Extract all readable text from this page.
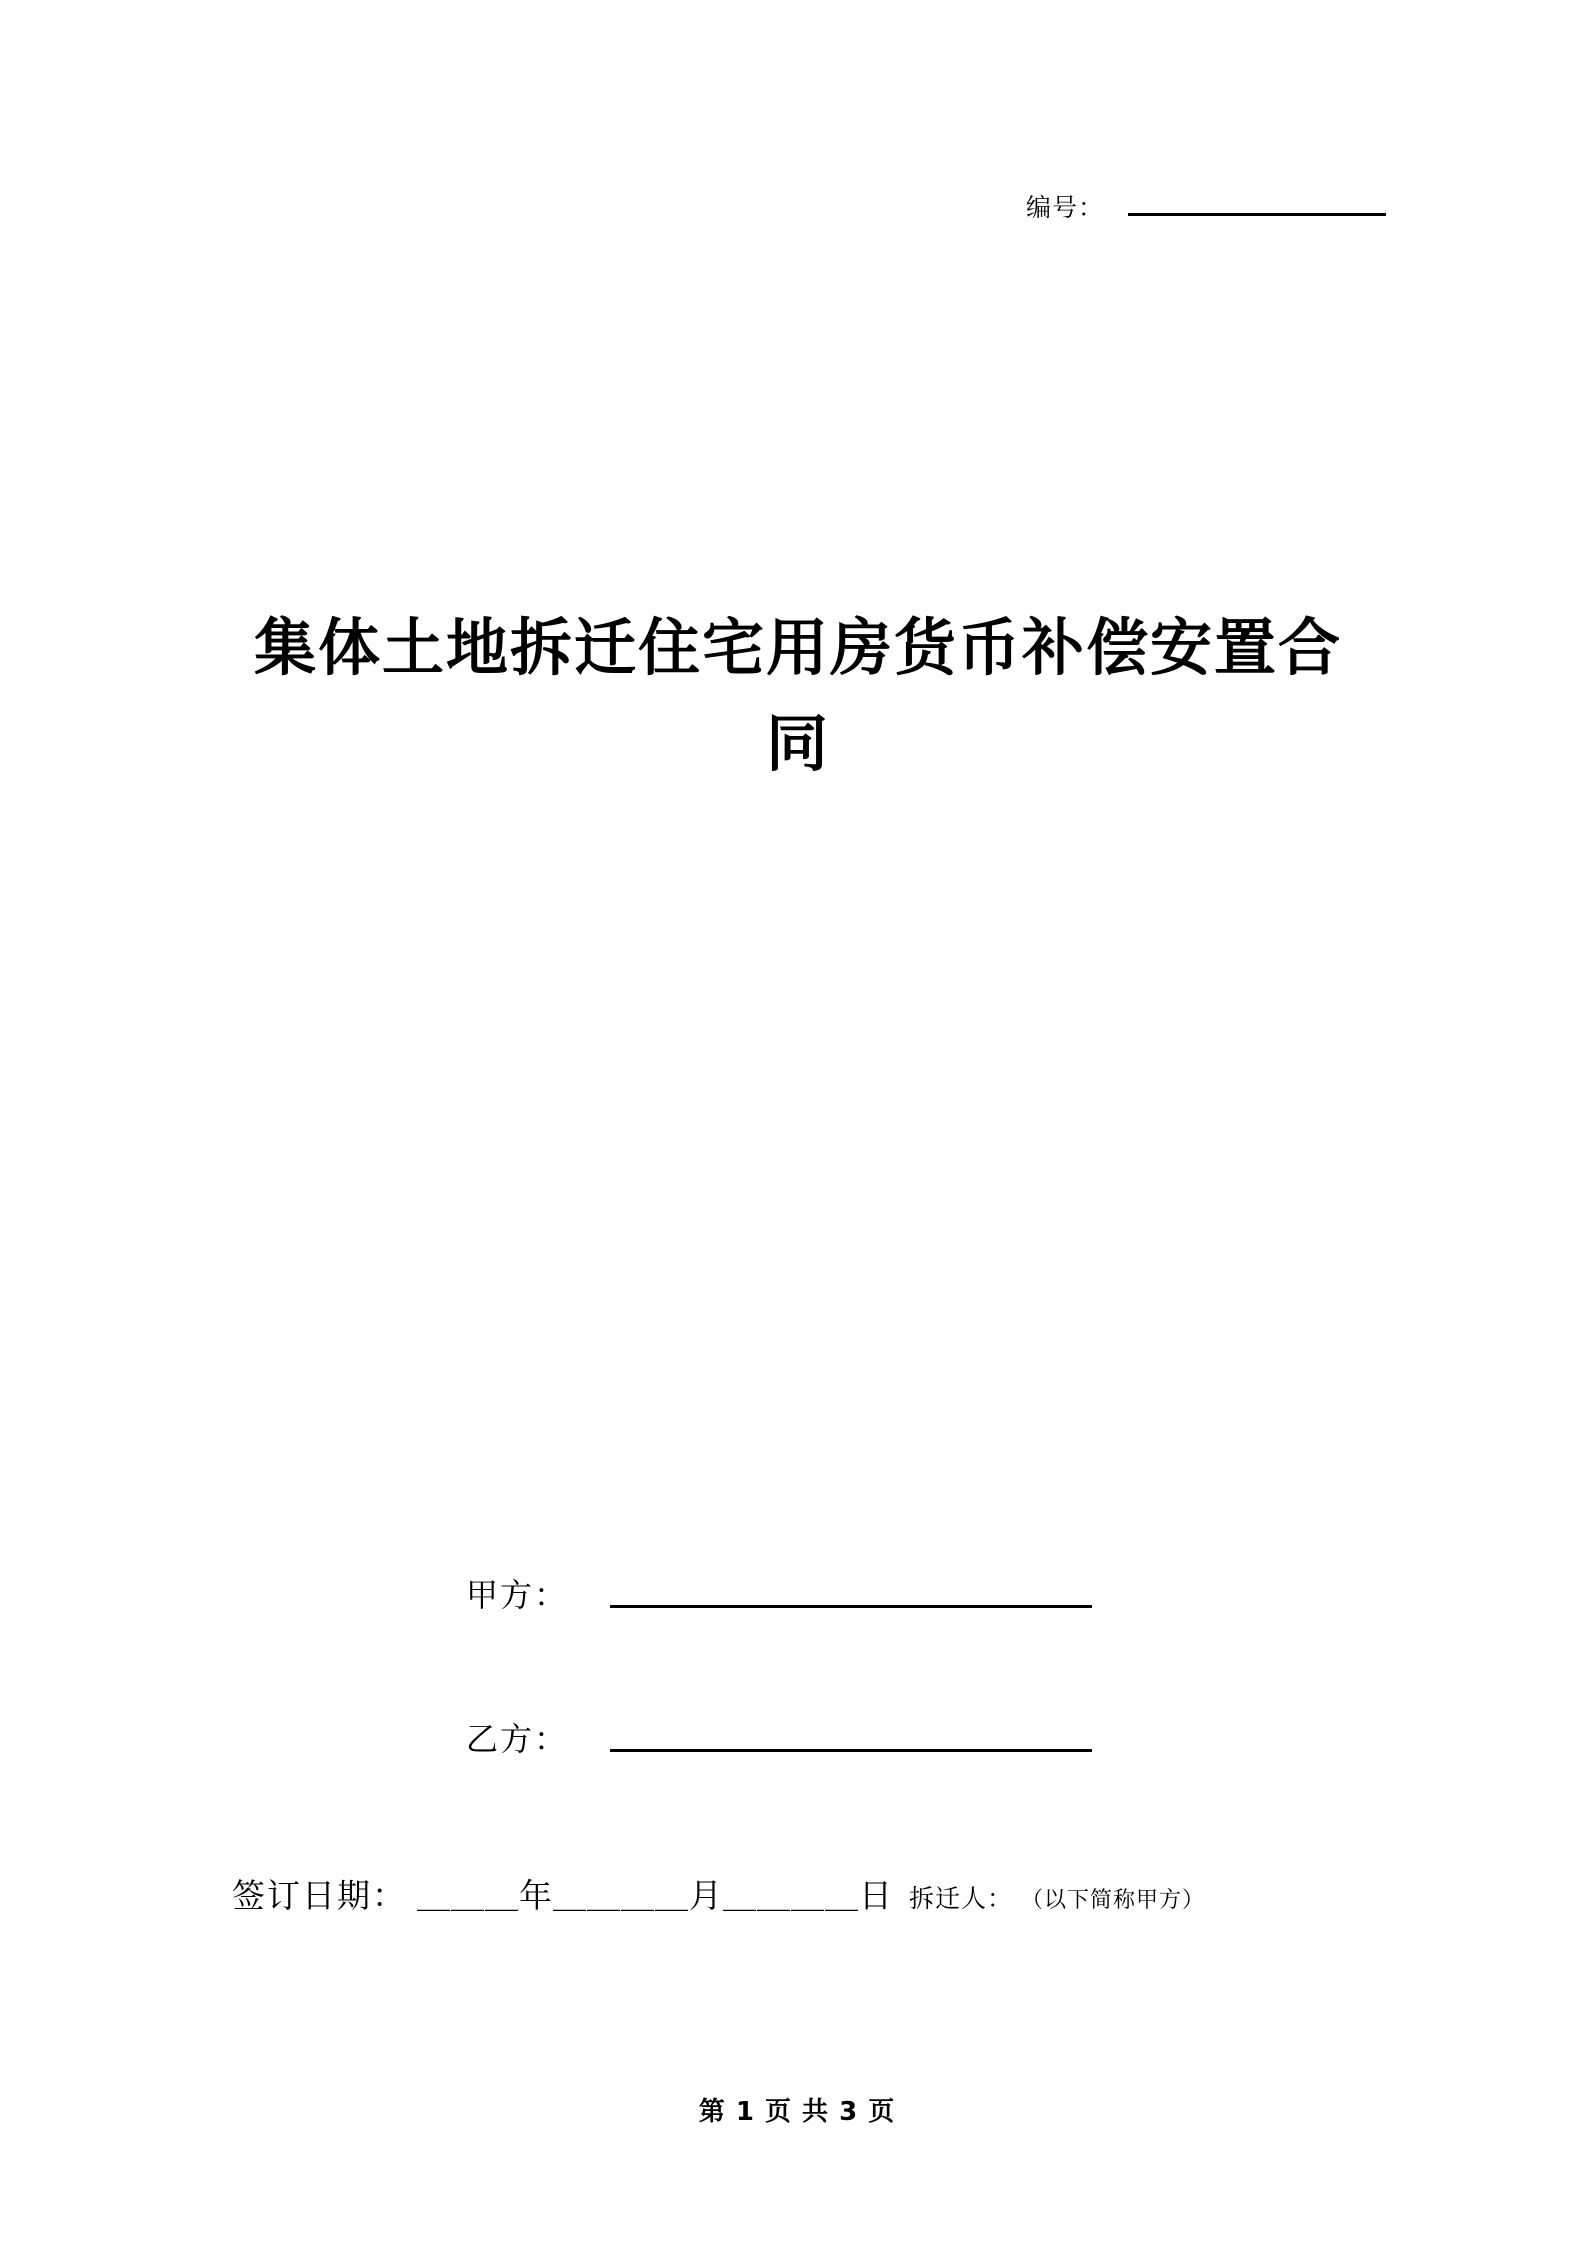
编号：
集体土地拆迁住宅用房货币补偿安置合同
甲方：
乙方：
签订日期： ＿＿＿年＿＿＿＿月＿＿＿＿日 拆迁人： （以下简称甲方）
第 1 页 共 3 页
